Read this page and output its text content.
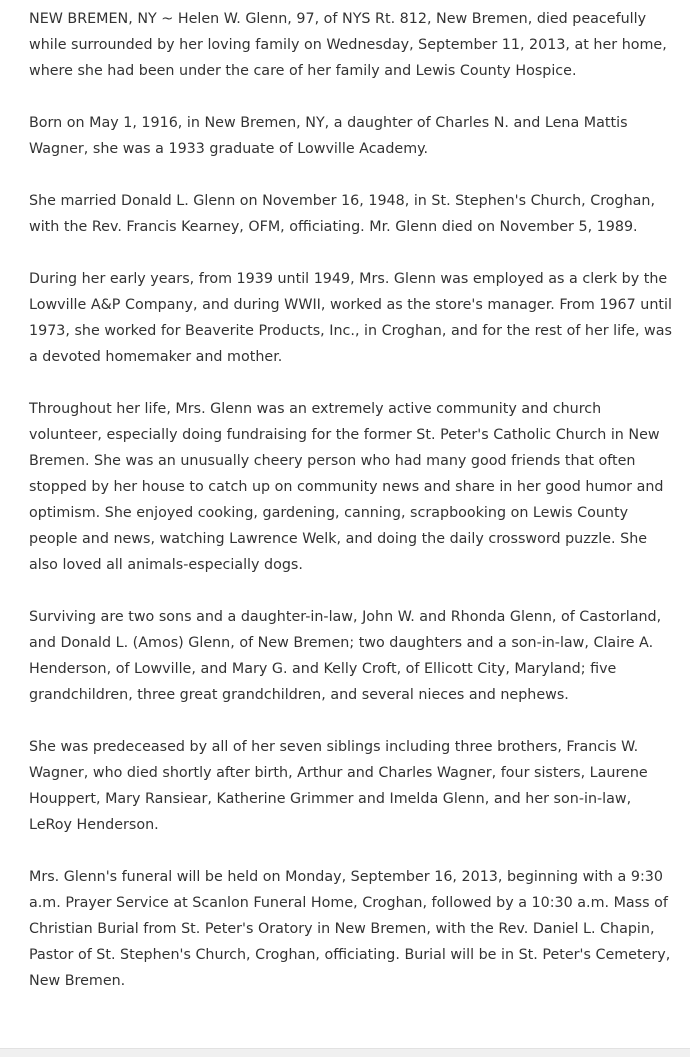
NEW BREMEN, NY ~ Helen W. Glenn, 97, of NYS Rt. 812, New Bremen, died peacefully while surrounded by her loving family on Wednesday, September 11, 2013, at her home, where she had been under the care of her family and Lewis County Hospice.

Born on May 1, 1916, in New Bremen, NY, a daughter of Charles N. and Lena Mattis Wagner, she was a 1933 graduate of Lowville Academy.

She married Donald L. Glenn on November 16, 1948, in St. Stephen's Church, Croghan, with the Rev. Francis Kearney, OFM, officiating. Mr. Glenn died on November 5, 1989.

During her early years, from 1939 until 1949, Mrs. Glenn was employed as a clerk by the Lowville A&P Company, and during WWII, worked as the store's manager. From 1967 until 1973, she worked for Beaverite Products, Inc., in Croghan, and for the rest of her life, was a devoted homemaker and mother.

Throughout her life, Mrs. Glenn was an extremely active community and church volunteer, especially doing fundraising for the former St. Peter's Catholic Church in New Bremen. She was an unusually cheery person who had many good friends that often stopped by her house to catch up on community news and share in her good humor and optimism. She enjoyed cooking, gardening, canning, scrapbooking on Lewis County people and news, watching Lawrence Welk, and doing the daily crossword puzzle. She also loved all animals-especially dogs.

Surviving are two sons and a daughter-in-law, John W. and Rhonda Glenn, of Castorland, and Donald L. (Amos) Glenn, of New Bremen; two daughters and a son-in-law, Claire A. Henderson, of Lowville, and Mary G. and Kelly Croft, of Ellicott City, Maryland; five grandchildren, three great grandchildren, and several nieces and nephews.

She was predeceased by all of her seven siblings including three brothers, Francis W. Wagner, who died shortly after birth, Arthur and Charles Wagner, four sisters, Laurene Houppert, Mary Ransiear, Katherine Grimmer and Imelda Glenn, and her son-in-law, LeRoy Henderson.

Mrs. Glenn's funeral will be held on Monday, September 16, 2013, beginning with a 9:30 a.m. Prayer Service at Scanlon Funeral Home, Croghan, followed by a 10:30 a.m. Mass of Christian Burial from St. Peter's Oratory in New Bremen, with the Rev. Daniel L. Chapin, Pastor of St. Stephen's Church, Croghan, officiating. Burial will be in St. Peter's Cemetery, New Bremen.
